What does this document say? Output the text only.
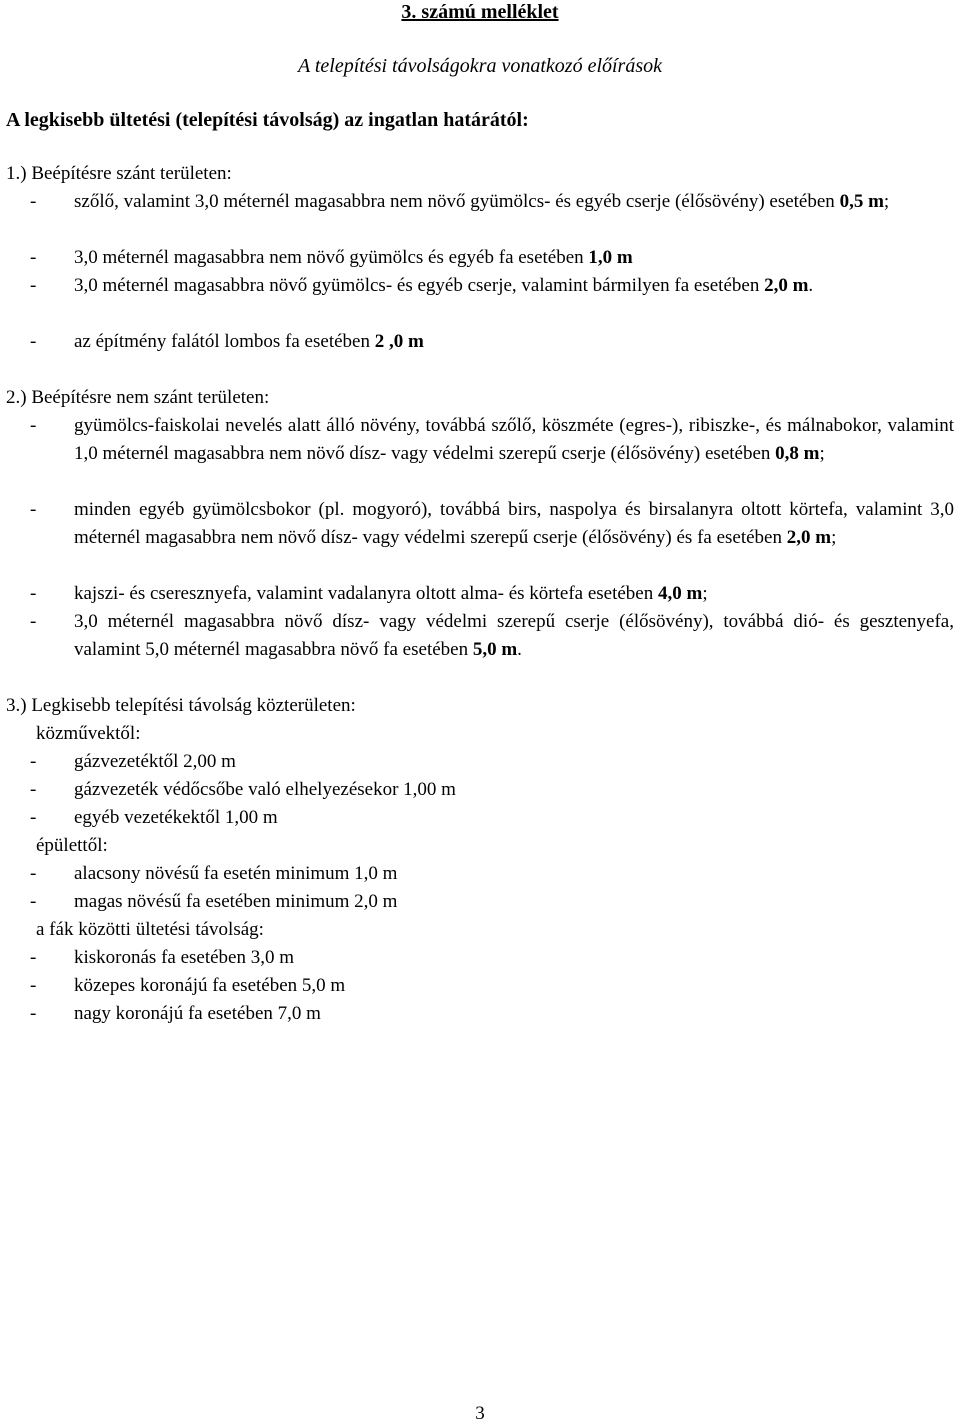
3. számú melléklet
A telepítési távolságokra vonatkozó előírások
A legkisebb ültetési (telepítési távolság) az ingatlan határától:
1.) Beépítésre szánt területen:
- szőlő, valamint 3,0 méternél magasabbra nem növő gyümölcs- és egyéb cserje (élősövény) esetében 0,5 m;
- 3,0 méternél magasabbra nem növő gyümölcs és egyéb fa esetében 1,0 m
- 3,0 méternél magasabbra növő gyümölcs- és egyéb cserje, valamint bármilyen fa esetében 2,0 m.
- az építmény falától lombos fa esetében 2 ,0 m
2.) Beépítésre nem szánt területen:
- gyümölcs-faiskolai nevelés alatt álló növény, továbbá szőlő, köszméte (egres-), ribiszke-, és málnabokor, valamint 1,0 méternél magasabbra nem növő dísz- vagy védelmi szerepű cserje (élősövény) esetében 0,8 m;
- minden egyéb gyümölcsbokor (pl. mogyoró), továbbá birs, naspolya és birsalanyra oltott körtefa, valamint 3,0 méternél magasabbra nem növő dísz- vagy védelmi szerepű cserje (élősövény) és fa esetében 2,0 m;
- kajszi- és cseresznyefa, valamint vadalanyra oltott alma- és körtefa esetében 4,0 m;
- 3,0 méternél magasabbra növő dísz- vagy védelmi szerepű cserje (élősövény), továbbá dió- és gesztenyefa, valamint 5,0 méternél magasabbra növő fa esetében 5,0 m.
3.) Legkisebb telepítési távolság közterületen:
közművektől:
- gázvezetéktől 2,00 m
- gázvezeték védőcsőbe való elhelyezésekor 1,00 m
- egyéb vezetékektől 1,00 m
épülettől:
- alacsony növésű fa esetén minimum 1,0 m
- magas növésű fa esetében minimum 2,0 m
a fák közötti ültetési távolság:
- kiskoronás fa esetében 3,0 m
- közepes koronájú fa esetében 5,0 m
- nagy koronájú fa esetében 7,0 m
3
